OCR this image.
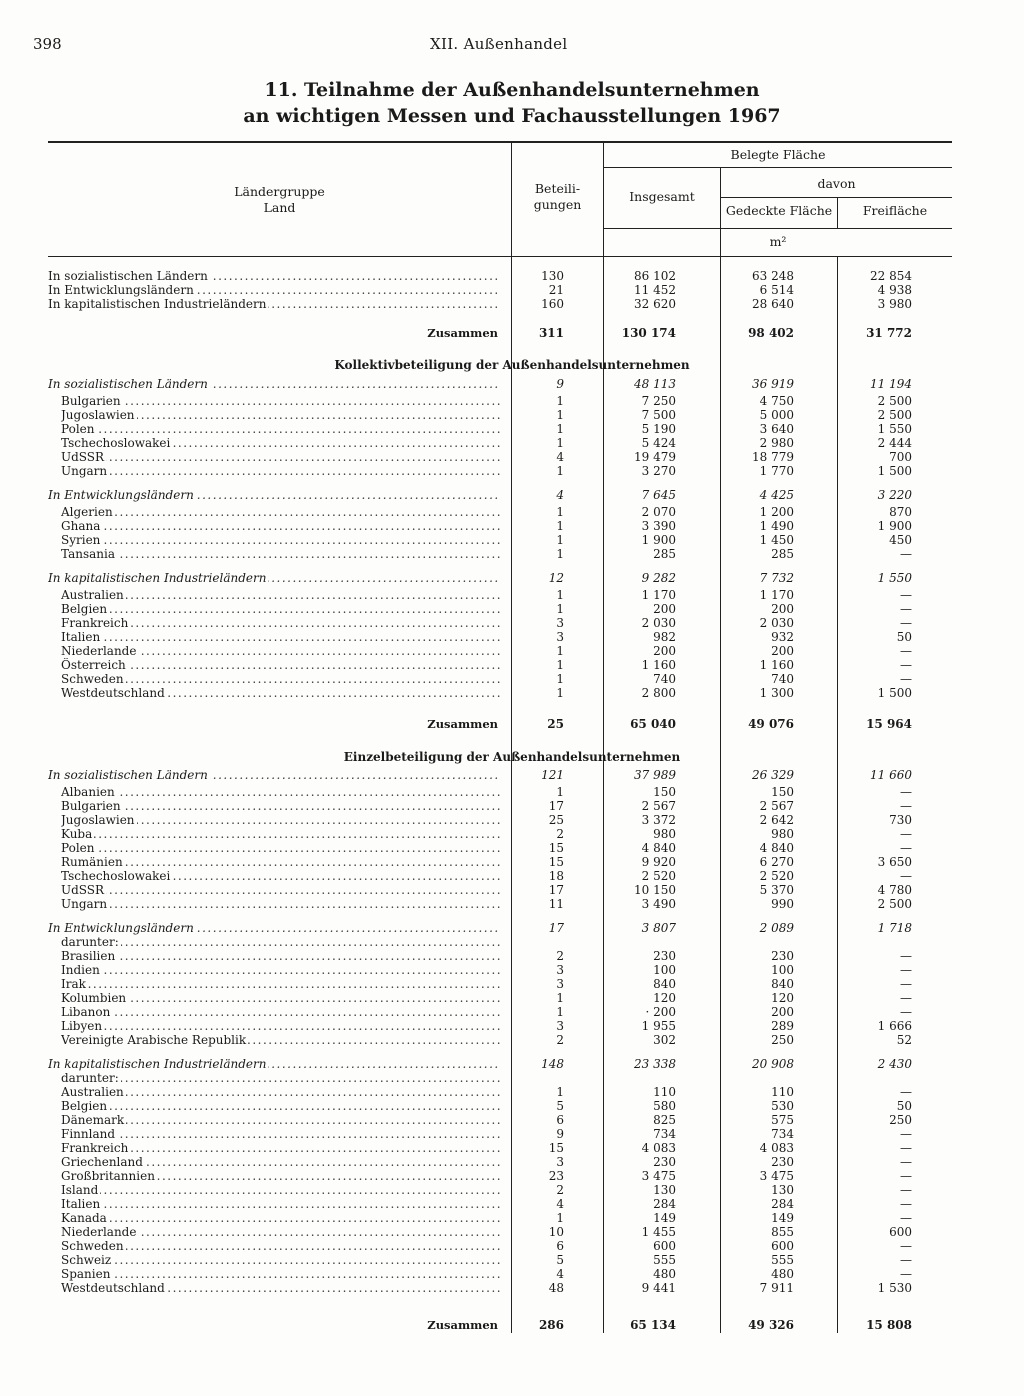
398	XII. Außenhandel
11. Teilnahme der Außenhandelsunternehmen
an wichtigen Messen und Fachausstellungen 1967
Ländergruppe
Land
Beteili-
gungen
Belegte Fläche
Insgesamt
davon
Gedeckte Fläche	Freifläche
m²
In sozialistischen Ländern .....	130	86 102	63 248	22 854
In Entwicklungsländern .....	21	11 452	6 514	4 938
In kapitalistischen Industrieländern .....	160	32 620	28 640	3 980
Zusammen	311	130 174	98 402	31 772
Kollektivbeteiligung der Außenhandelsunternehmen
In sozialistischen Ländern .....	9	48 113	36 919	11 194
Bulgarien .....	1	7 250	4 750	2 500
Jugoslawien .....	1	7 500	5 000	2 500
Polen .....	1	5 190	3 640	1 550
Tschechoslowakei .....	1	5 424	2 980	2 444
UdSSR .....	4	19 479	18 779	700
Ungarn .....	1	3 270	1 770	1 500
In Entwicklungsländern .....	4	7 645	4 425	3 220
Algerien .....	1	2 070	1 200	870
Ghana .....	1	3 390	1 490	1 900
Syrien .....	1	1 900	1 450	450
Tansania .....	1	285	285	—
In kapitalistischen Industrieländern .....	12	9 282	7 732	1 550
Australien .....	1	1 170	1 170	—
Belgien .....	1	200	200	—
Frankreich .....	3	2 030	2 030	—
Italien .....	3	982	932	50
Niederlande .....	1	200	200	—
Österreich .....	1	1 160	1 160	—
Schweden .....	1	740	740	—
Westdeutschland .....	1	2 800	1 300	1 500
Zusammen	25	65 040	49 076	15 964
Einzelbeteiligung der Außenhandelsunternehmen
In sozialistischen Ländern .....	121	37 989	26 329	11 660
Albanien .....	1	150	150	—
Bulgarien .....	17	2 567	2 567	—
Jugoslawien .....	25	3 372	2 642	730
Kuba .....	2	980	980	—
Polen .....	15	4 840	4 840	—
Rumänien .....	15	9 920	6 270	3 650
Tschechoslowakei .....	18	2 520	2 520	—
UdSSR .....	17	10 150	5 370	4 780
Ungarn .....	11	3 490	990	2 500
In Entwicklungsländern .....	17	3 807	2 089	1 718
darunter: .....
Brasilien .....	2	230	230	—
Indien .....	3	100	100	—
Irak .....	3	840	840	—
Kolumbien .....	1	120	120	—
Libanon .....	1	· 200	200	—
Libyen .....	3	1 955	289	1 666
Vereinigte Arabische Republik .....	2	302	250	52
In kapitalistischen Industrieländern .....	148	23 338	20 908	2 430
darunter: .....
Australien .....	1	110	110	—
Belgien .....	5	580	530	50
Dänemark .....	6	825	575	250
Finnland .....	9	734	734	—
Frankreich .....	15	4 083	4 083	—
Griechenland .....	3	230	230	—
Großbritannien .....	23	3 475	3 475	—
Island .....	2	130	130	—
Italien .....	4	284	284	—
Kanada .....	1	149	149	—
Niederlande .....	10	1 455	855	600
Schweden .....	6	600	600	—
Schweiz .....	5	555	555	—
Spanien .....	4	480	480	—
Westdeutschland .....	48	9 441	7 911	1 530
Zusammen	286	65 134	49 326	15 808
